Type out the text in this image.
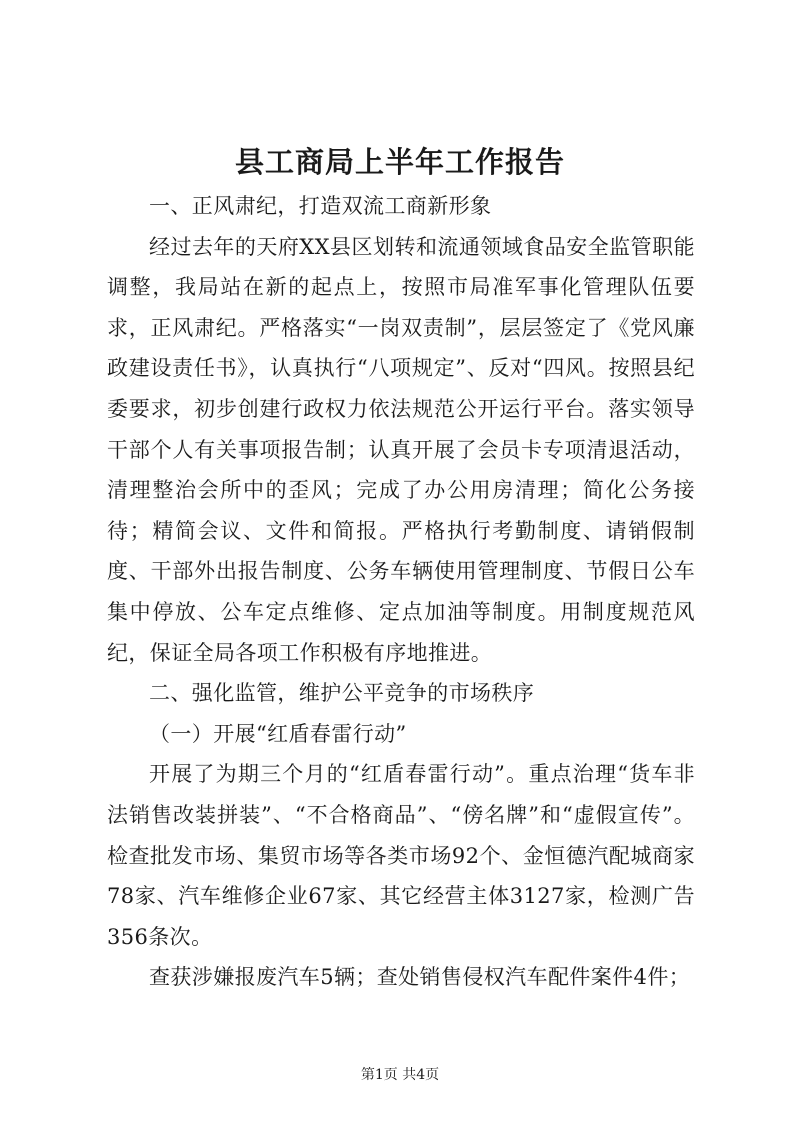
县工商局上半年工作报告

一、正风肃纪，打造双流工商新形象

经过去年的天府XX县区划转和流通领域食品安全监管职能调整，我局站在新的起点上，按照市局准军事化管理队伍要求，正风肃纪。严格落实“一岗双责制”，层层签定了《党风廉政建设责任书》，认真执行“八项规定”、反对“四风。按照县纪委要求，初步创建行政权力依法规范公开运行平台。落实领导干部个人有关事项报告制；认真开展了会员卡专项清退活动，清理整治会所中的歪风；完成了办公用房清理；简化公务接待；精简会议、文件和简报。严格执行考勤制度、请销假制度、干部外出报告制度、公务车辆使用管理制度、节假日公车集中停放、公车定点维修、定点加油等制度。用制度规范风纪，保证全局各项工作积极有序地推进。

二、强化监管，维护公平竞争的市场秩序

（一）开展“红盾春雷行动”

开展了为期三个月的“红盾春雷行动”。重点治理“货车非法销售改装拼装”、“不合格商品”、“傍名牌”和“虚假宣传”。检查批发市场、集贸市场等各类市场92个、金恒德汽配城商家78家、汽车维修企业67家、其它经营主体3127家，检测广告356条次。

查获涉嫌报废汽车5辆；查处销售侵权汽车配件案件4件；

第1页 共4页
